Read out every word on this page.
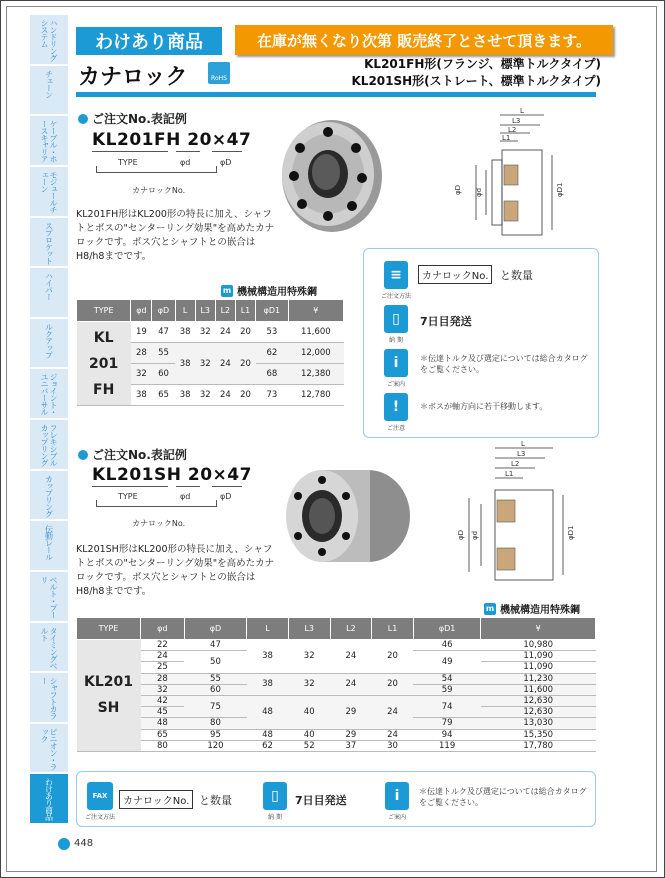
ハンドリングシステム
チェーン
ケーブル・ホースキャリア
モジュールチェーン
スプロケット
ハイパー
ルクアップ
ジョイント・ユニバーサル
フレキシブルカップリング
カップリング
伝動レール
ベルト・プーリ
タイミングベルト
シャフトカラー
ピニオン・ラック
わけあり商品
わけあり商品	在庫が無くなり次第 販売終了とさせて頂きます。
カナロック	RoHS
KL201FH形(フランジ、標準トルクタイプ)
KL201SH形(ストレート、標準トルクタイプ)
ご注文No.表記例
KL201FH 20×47
TYPE	φd	φD
カナロックNo.
KL201FH形はKL200形の特長に加え、シャフトとボスの"センターリング効果"を高めたカナロックです。ボス穴とシャフトとの嵌合はH8/h8までです。
L
L3
L2
L1
φD φd	φD1
≡
ご注文方法
カナロックNo.	と数量
▯
納 期
7日目発送
i
ご案内
＊伝達トルク及び選定については総合カタログをご覧ください。
!
ご注意
＊ボスが軸方向に若干移動します。
m 機械構造用特殊鋼
TYPE	φd	φD	L	L3	L2	L1	φD1	¥

KL
201
FH	19	47	38	32	24	20	53	11,600
	28	55	38	32	24	20	62	12,000
	32	60					68	12,380
	38	65	38	32	24	20	73	12,780
ご注文No.表記例
KL201SH 20×47
TYPE	φd	φD
カナロックNo.
KL201SH形はKL200形の特長に加え、シャフトとボスの"センターリング効果"を高めたカナロックです。ボス穴とシャフトとの嵌合はH8/h8までです。
L
L3
L2
L1
φD φd	φD1
m 機械構造用特殊鋼
TYPE	φd	φD	L	L3	L2	L1	φD1	¥

KL201
SH	22	47	38	32	24	20	46	10,980
	24	50					49	11,090
	25							11,090
	28	55	38	32	24	20	54	11,230
	32	60					59	11,600
	42	75	48	40	29	24	74	12,630
	45							12,630
	48	80					79	13,030
	65	95	48	40	29	24	94	15,350
	80	120	62	52	37	30	119	17,780
FAX
ご注文方法
カナロックNo. と数量	▯
納 期
7日目発送	i
ご案内
＊伝達トルク及び選定については総合カタログをご覧ください。
448
